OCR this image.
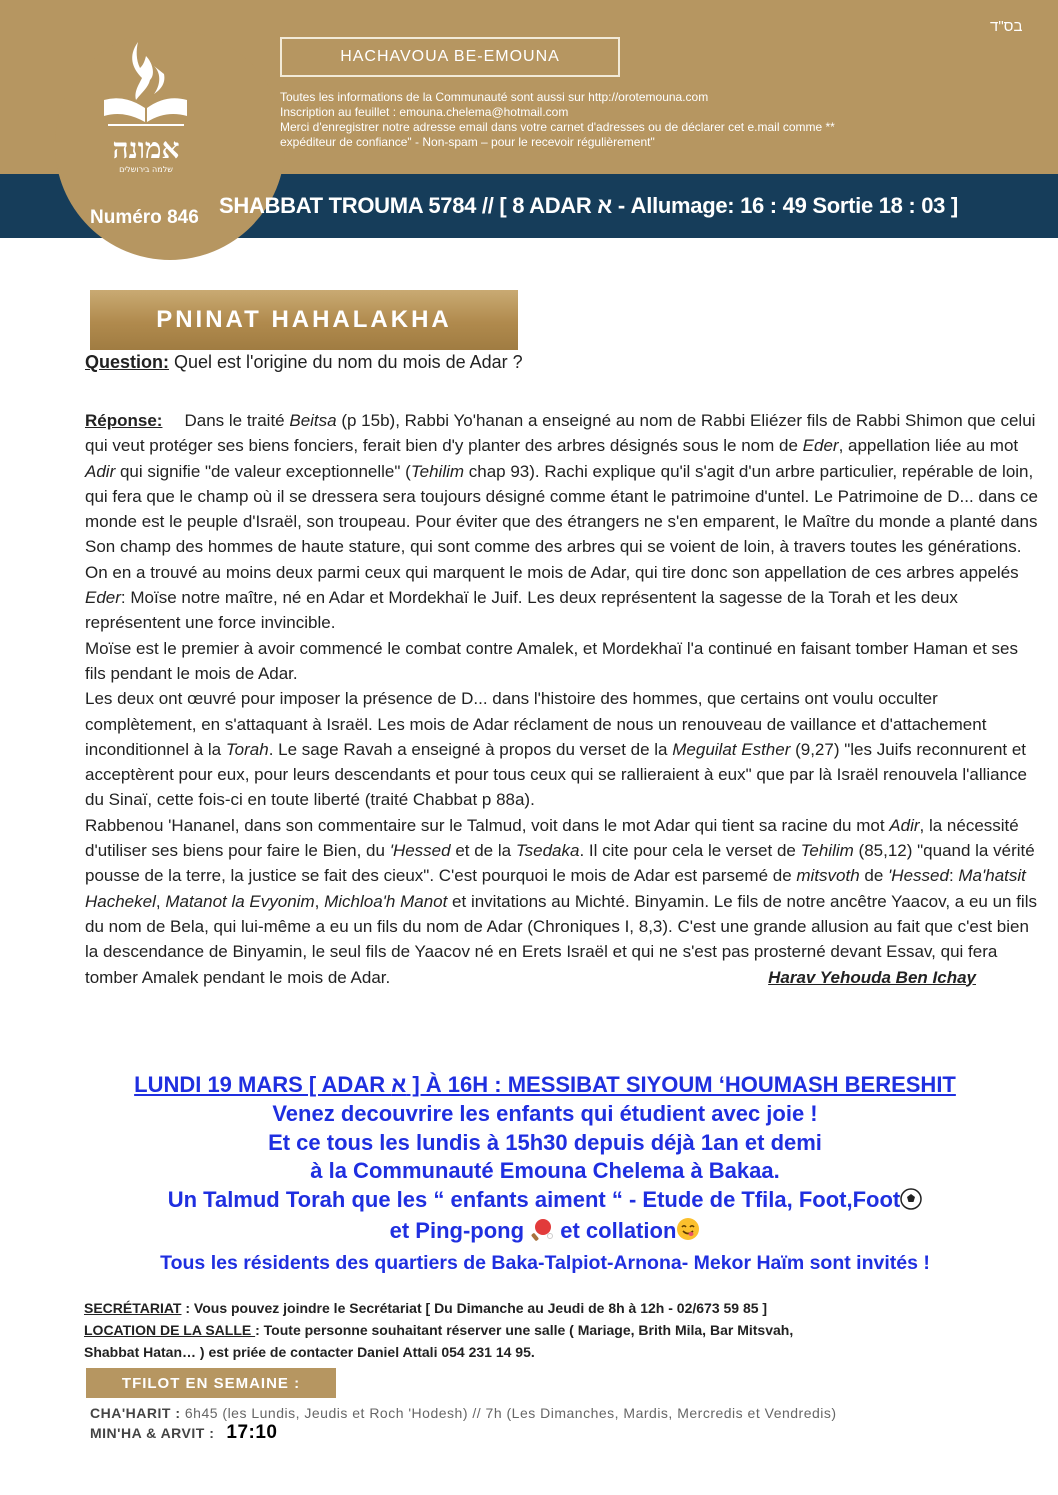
אמונה
שלמה בירושלים
בס"ד
HACHAVOUA BE-EMOUNA
Toutes les informations de la Communauté sont aussi sur http://orotemouna.com
Inscription au feuillet : emouna.chelema@hotmail.com
Merci d'enregistrer notre adresse email dans votre carnet d'adresses ou de déclarer cet e.mail comme **
expéditeur de confiance" - Non-spam – pour le recevoir régulièrement"
Numéro 846 SHABBAT TROUMA 5784 // [ 8 ADAR א - Allumage: 16 : 49 Sortie 18 : 03 ]
PNINAT HAHALAKHA
Question: Quel est l'origine du nom du mois de Adar ?

Réponse: Dans le traité Beitsa (p 15b), Rabbi Yo'hanan a enseigné au nom de Rabbi Eliézer fils de Rabbi Shimon que celui qui veut protéger ses biens fonciers, ferait bien d'y planter des arbres désignés sous le nom de Eder, appellation liée au mot Adir qui signifie "de valeur exceptionnelle" (Tehilim chap 93). Rachi explique qu'il s'agit d'un arbre particulier, repérable de loin, qui fera que le champ où il se dressera sera toujours désigné comme étant le patrimoine d'untel. Le Patrimoine de D... dans ce monde est le peuple d'Israël, son troupeau. Pour éviter que des étrangers ne s'en emparent, le Maître du monde a planté dans Son champ des hommes de haute stature, qui sont comme des arbres qui se voient de loin, à travers toutes les générations. On en a trouvé au moins deux parmi ceux qui marquent le mois de Adar, qui tire donc son appellation de ces arbres appelés Eder: Moïse notre maître, né en Adar et Mordekhaï le Juif. Les deux représentent la sagesse de la Torah et les deux représentent une force invincible.

Moïse est le premier à avoir commencé le combat contre Amalek, et Mordekhaï l'a continué en faisant tomber Haman et ses fils pendant le mois de Adar.

Les deux ont œuvré pour imposer la présence de D... dans l'histoire des hommes, que certains ont voulu occulter complètement, en s'attaquant à Israël. Les mois de Adar réclament de nous un renouveau de vaillance et d'attachement inconditionnel à la Torah. Le sage Ravah a enseigné à propos du verset de la Meguilat Esther (9,27) "les Juifs reconnurent et acceptèrent pour eux, pour leurs descendants et pour tous ceux qui se rallieraient à eux" que par là Israël renouvela l'alliance du Sinaï, cette fois-ci en toute liberté (traité Chabbat p 88a).

Rabbenou 'Hananel, dans son commentaire sur le Talmud, voit dans le mot Adar qui tient sa racine du mot Adir, la nécessité d'utiliser ses biens pour faire le Bien, du 'Hessed et de la Tsedaka. Il cite pour cela le verset de Tehilim (85,12) "quand la vérité pousse de la terre, la justice se fait des cieux". C'est pourquoi le mois de Adar est parsemé de mitsvoth de 'Hessed: Ma'hatsit Hachekel, Matanot la Evyonim, Michloa'h Manot et invitations au Michté. Binyamin. Le fils de notre ancêtre Yaacov, a eu un fils du nom de Bela, qui lui-même a eu un fils du nom de Adar (Chroniques I, 8,3). C'est une grande allusion au fait que c'est bien la descendance de Binyamin, le seul fils de Yaacov né en Erets Israël et qui ne s'est pas prosterné devant Essav, qui fera tomber Amalek pendant le mois de Adar.	Harav Yehouda Ben Ichay
LUNDI 19 MARS [ ADAR א ] À 16H : MESSIBAT SIYOUM ‘HOUMASH BERESHIT
Venez decouvrire les enfants qui étudient avec joie !
Et ce tous les lundis à 15h30 depuis déjà 1an et demi
à la Communauté Emouna Chelema à Bakaa.
Un Talmud Torah que les “ enfants aiment “ - Etude de Tfila, Foot,Foot
et Ping-pong  et collation
Tous les résidents des quartiers de Baka-Talpiot-Arnona- Mekor Haïm sont invités !
SECRÉTARIAT : Vous pouvez joindre le Secrétariat [ Du Dimanche au Jeudi de 8h à 12h - 02/673 59 85 ]
LOCATION DE LA SALLE : Toute personne souhaitant réserver une salle ( Mariage, Brith Mila, Bar Mitsvah,
Shabbat Hatan… ) est priée de contacter Daniel Attali 054 231 14 95.
TFILOT EN SEMAINE :
CHA'HARIT : 6h45 (les Lundis, Jeudis et Roch 'Hodesh) // 7h (Les Dimanches, Mardis, Mercredis et Vendredis)
MIN'HA & ARVIT : 17:10
